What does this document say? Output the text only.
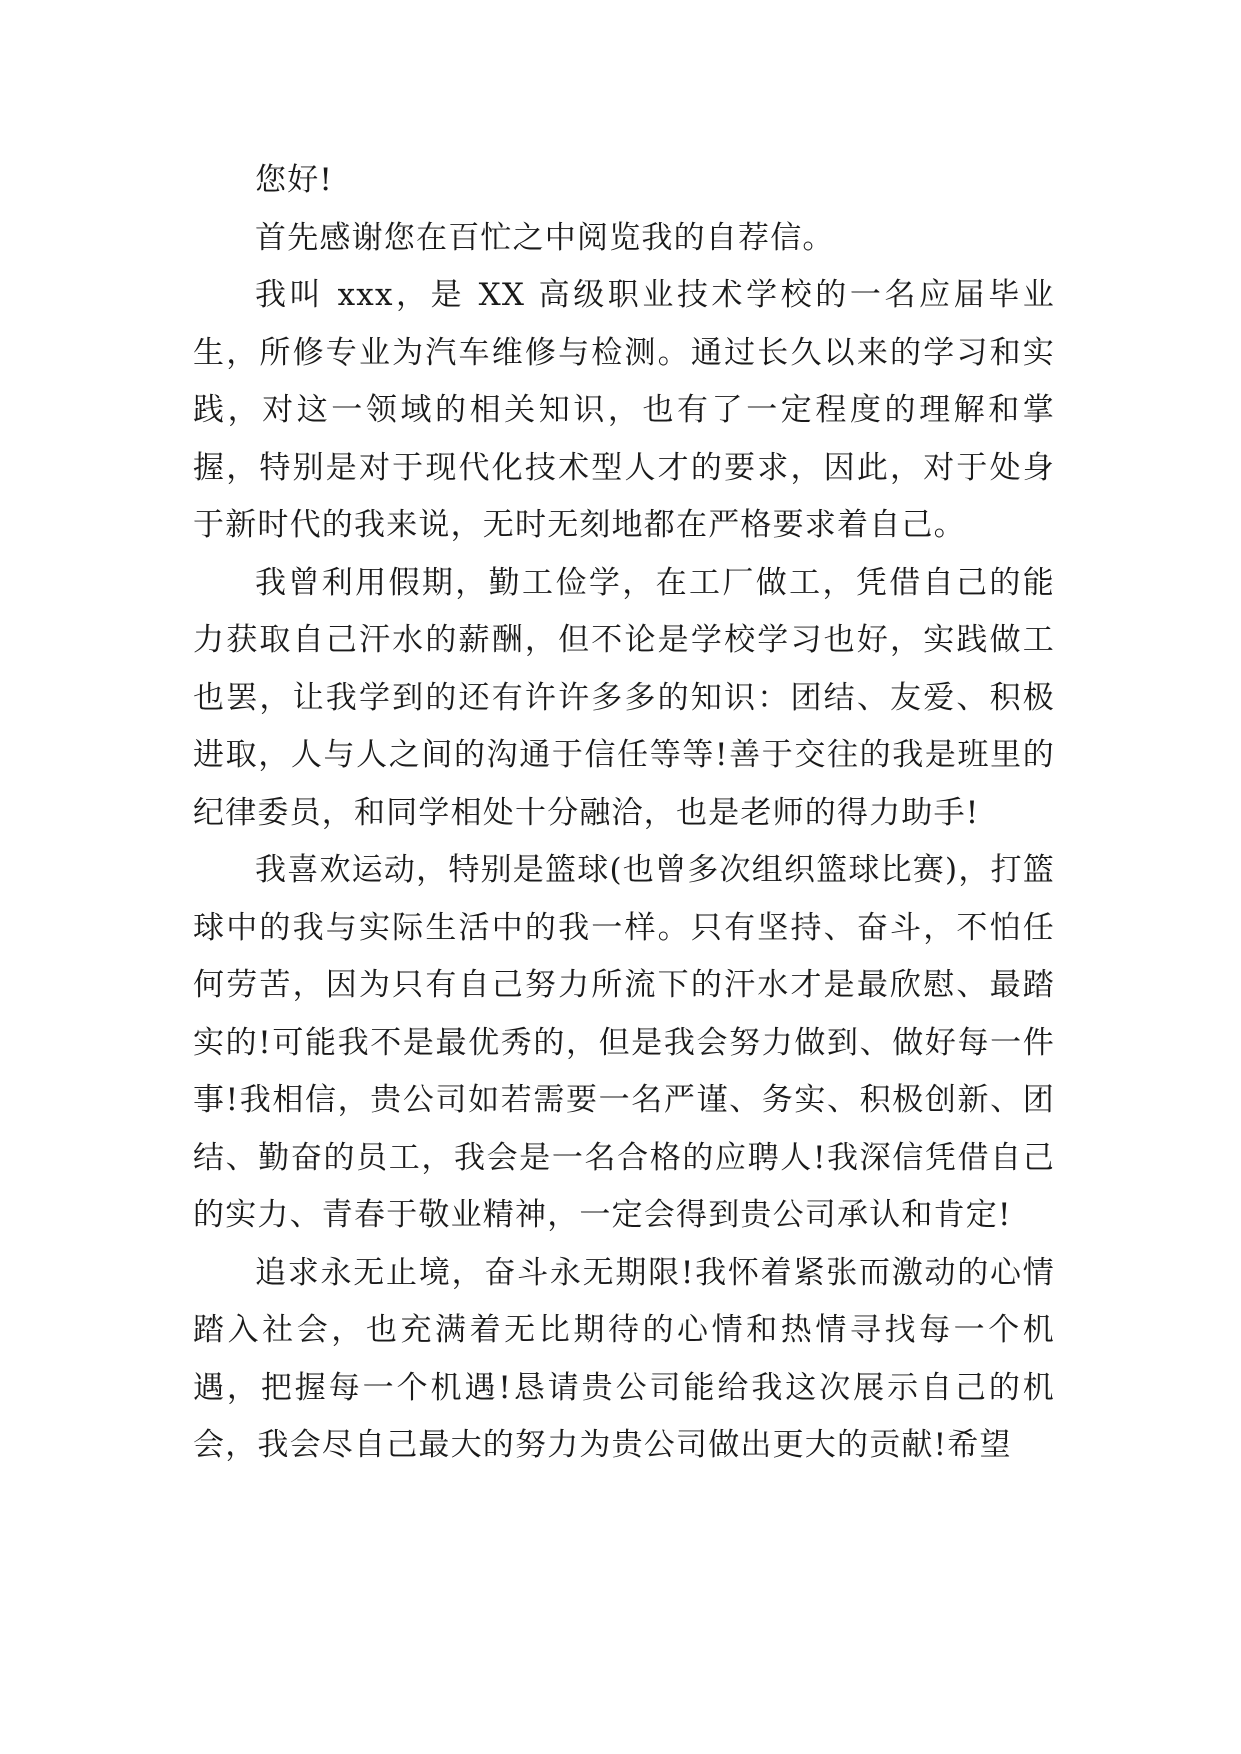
您好!

首先感谢您在百忙之中阅览我的自荐信。

我叫 xxx，是 XX 高级职业技术学校的一名应届毕业生，所修专业为汽车维修与检测。通过长久以来的学习和实践，对这一领域的相关知识，也有了一定程度的理解和掌握，特别是对于现代化技术型人才的要求，因此，对于处身于新时代的我来说，无时无刻地都在严格要求着自己。

我曾利用假期，勤工俭学，在工厂做工，凭借自己的能力获取自己汗水的薪酬，但不论是学校学习也好，实践做工也罢，让我学到的还有许许多多的知识：团结、友爱、积极进取，人与人之间的沟通于信任等等!善于交往的我是班里的纪律委员，和同学相处十分融洽，也是老师的得力助手!

我喜欢运动，特别是篮球(也曾多次组织篮球比赛)，打篮球中的我与实际生活中的我一样。只有坚持、奋斗，不怕任何劳苦，因为只有自己努力所流下的汗水才是最欣慰、最踏实的!可能我不是最优秀的，但是我会努力做到、做好每一件事!我相信，贵公司如若需要一名严谨、务实、积极创新、团结、勤奋的员工，我会是一名合格的应聘人!我深信凭借自己的实力、青春于敬业精神，一定会得到贵公司承认和肯定!

追求永无止境，奋斗永无期限!我怀着紧张而激动的心情踏入社会，也充满着无比期待的心情和热情寻找每一个机遇，把握每一个机遇!恳请贵公司能给我这次展示自己的机会，我会尽自己最大的努力为贵公司做出更大的贡献!希望
